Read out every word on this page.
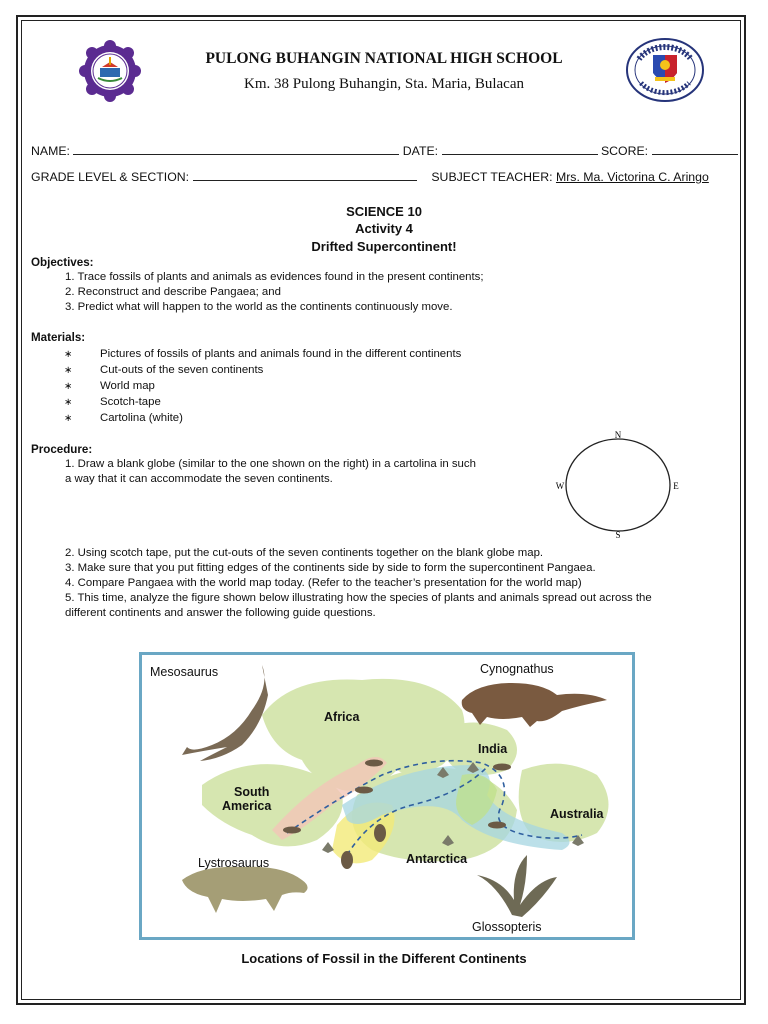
PULONG BUHANGIN NATIONAL HIGH SCHOOL
Km. 38 Pulong Buhangin, Sta. Maria, Bulacan
NAME:	DATE:	SCORE:
GRADE LEVEL & SECTION:	SUBJECT TEACHER: Mrs. Ma. Victorina C. Aringo
SCIENCE 10
Activity 4
Drifted Supercontinent!
Objectives:
1. Trace fossils of plants and animals as evidences found in the present continents;
2. Reconstruct and describe Pangaea; and
3. Predict what will happen to the world as the continents continuously move.
Materials:
∗ Pictures of fossils of plants and animals found in the different continents
∗ Cut-outs of the seven continents
∗ World map
∗ Scotch-tape
∗ Cartolina (white)
Procedure:
1. Draw a blank globe (similar to the one shown on the right) in a cartolina in such
a way that it can accommodate the seven continents.
N
S
W	E
2. Using scotch tape, put the cut-outs of the seven continents together on the blank globe map.
3. Make sure that you put fitting edges of the continents side by side to form the supercontinent Pangaea.
4. Compare Pangaea with the world map today. (Refer to the teacher’s presentation for the world map)
5. This time, analyze the figure shown below illustrating how the species of plants and animals spread out across the
different continents and answer the following guide questions.
Mesosaurus	Cynognathus
Africa
India
South
America
Australia
Lystrosaurus	Antarctica
Glossopteris
Locations of Fossil in the Different Continents
